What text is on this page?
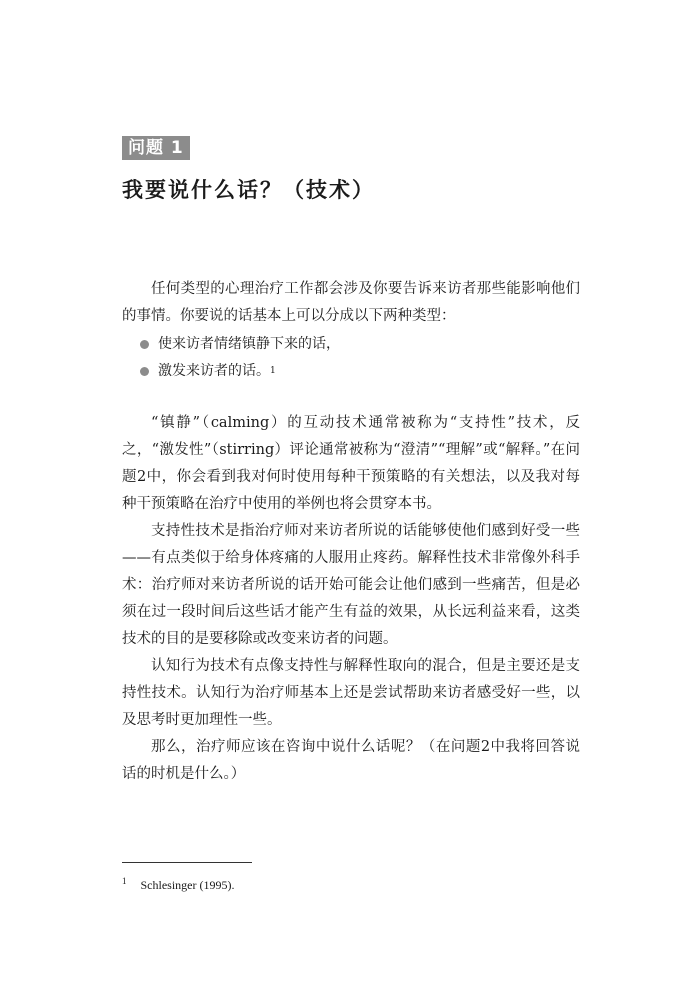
问题 1
我要说什么话？（技术）

任何类型的心理治疗工作都会涉及你要告诉来访者那些能影响他们的事情。你要说的话基本上可以分成以下两种类型：

使来访者情绪镇静下来的话，
激发来访者的话。 1

“镇静”（calming）的互动技术通常被称为“支持性”技术，反之，“激发性”（stirring）评论通常被称为“澄清”“理解”或“解释。”在问题2中，你会看到我对何时使用每种干预策略的有关想法，以及我对每种干预策略在治疗中使用的举例也将会贯穿本书。

支持性技术是指治疗师对来访者所说的话能够使他们感到好受一些——有点类似于给身体疼痛的人服用止疼药。解释性技术非常像外科手术：治疗师对来访者所说的话开始可能会让他们感到一些痛苦，但是必须在过一段时间后这些话才能产生有益的效果，从长远利益来看，这类技术的目的是要移除或改变来访者的问题。

认知行为技术有点像支持性与解释性取向的混合，但是主要还是支持性技术。认知行为治疗师基本上还是尝试帮助来访者感受好一些，以及思考时更加理性一些。

那么，治疗师应该在咨询中说什么话呢？（在问题2中我将回答说话的时机是什么。）

$^1$ Schlesinger (1995).
